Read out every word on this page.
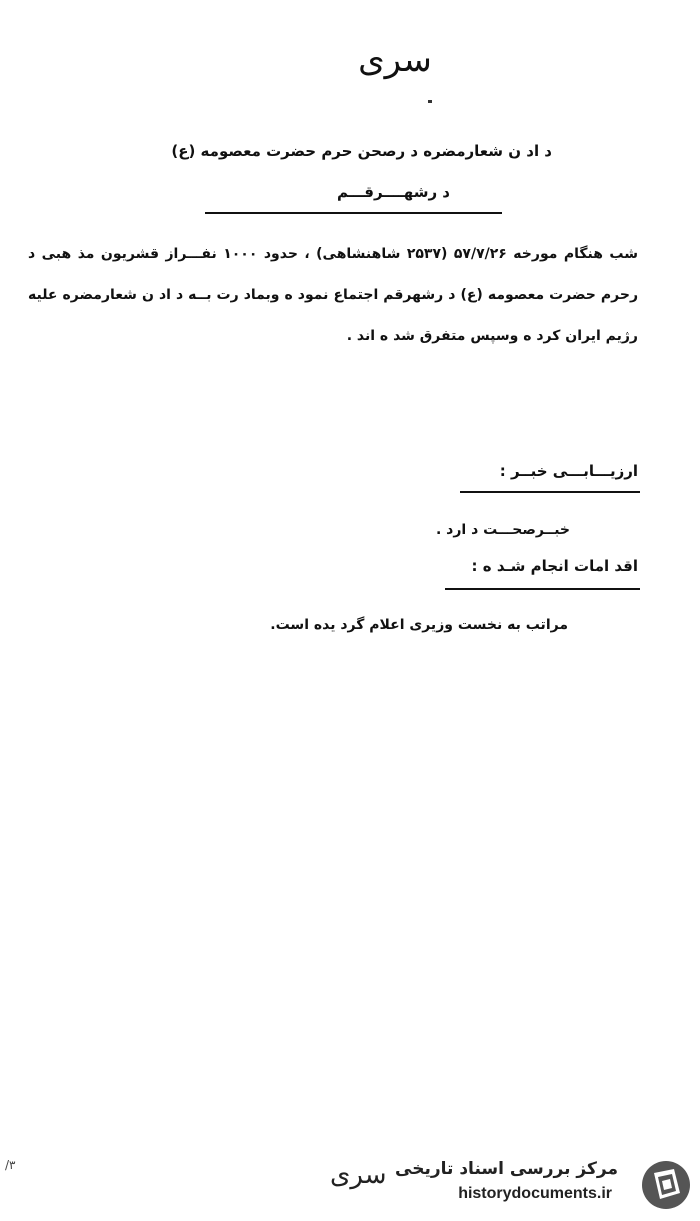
سری
د اد ن شعارمضره د رصحن حرم حضرت معصومه (ع)
د رشهــــرقـــم
شب هنگام مورخه ۵۷/۷/۲۶ (۲۵۳۷ شاهنشاهی) ، حدود ۱۰۰۰ نفـــراز قشریون مذ هبی د رحرم حضرت معصومه (ع) د رشهرقم اجتماع نمود ه وبماد رت بــه د اد ن شعارمضره علیه رژیم ایران کرد ه وسپس متفرق شد ه اند .
ارزیـــابـــی خبــر :
خبــرصحـــت د ارد .
اقد امات انجام شـد ه :
مراتب به نخست وزیری اعلام گرد یده است.
۳/	سری مرکز بررسی اسناد تاریخی
historydocuments.ir
